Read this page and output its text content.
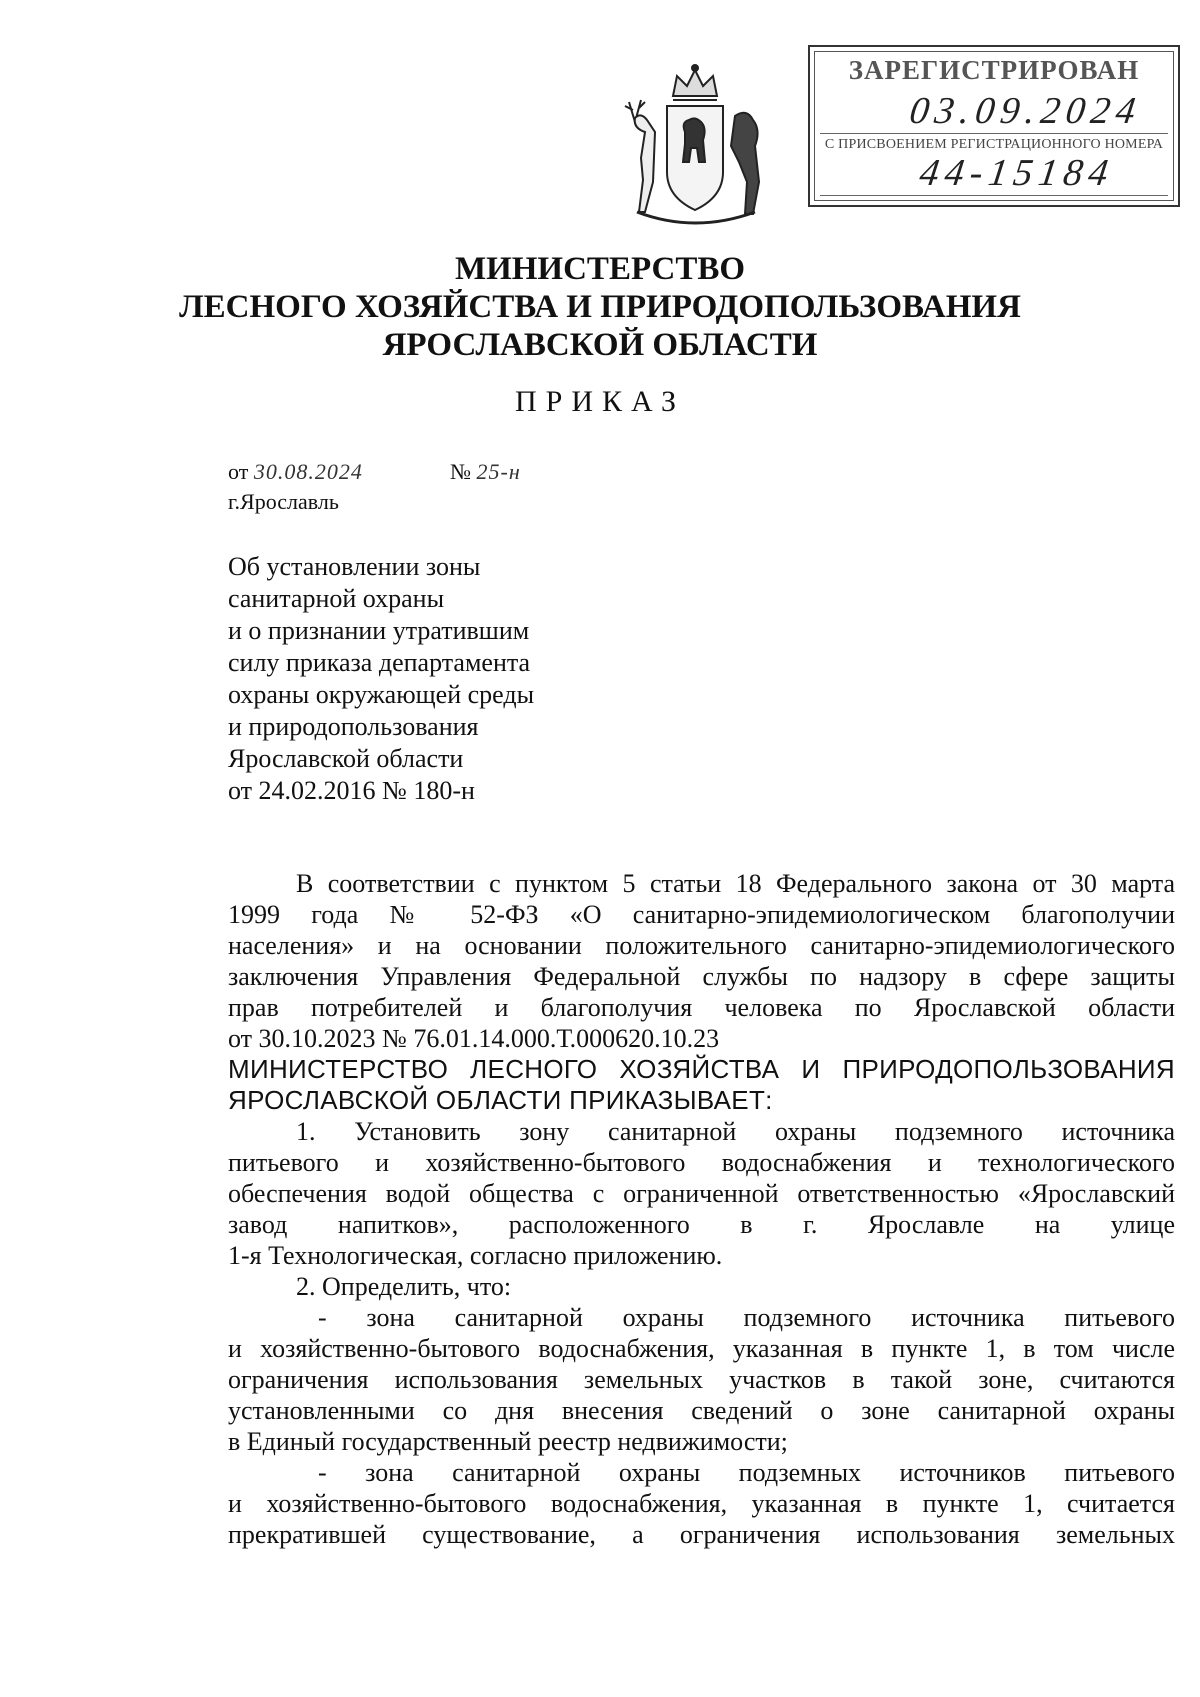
ЗАРЕГИСТРИРОВАН
03.09.2024
С ПРИСВОЕНИЕМ РЕГИСТРАЦИОННОГО НОМЕРА
44-15184
МИНИСТЕРСТВО
ЛЕСНОГО ХОЗЯЙСТВА И ПРИРОДОПОЛЬЗОВАНИЯ
ЯРОСЛАВСКОЙ ОБЛАСТИ
ПРИКАЗ
от 30.08.2024	№ 25-н
г.Ярославль
Об установлении зоны
санитарной охраны
и о признании утратившим
силу приказа департамента
охраны окружающей среды
и природопользования
Ярославской области
от 24.02.2016 № 180-н
В соответствии с пунктом 5 статьи 18 Федерального закона от 30 марта
1999 года № 52-ФЗ «О санитарно-эпидемиологическом благополучии
населения» и на основании положительного санитарно-эпидемиологического
заключения Управления Федеральной службы по надзору в сфере защиты
прав потребителей и благополучия человека по Ярославской области
от 30.10.2023 № 76.01.14.000.Т.000620.10.23
МИНИСТЕРСТВО ЛЕСНОГО ХОЗЯЙСТВА И ПРИРОДОПОЛЬЗОВАНИЯ
ЯРОСЛАВСКОЙ ОБЛАСТИ ПРИКАЗЫВАЕТ:
1. Установить зону санитарной охраны подземного источника
питьевого и хозяйственно-бытового водоснабжения и технологического
обеспечения водой общества с ограниченной ответственностью «Ярославский
завод напитков», расположенного в г. Ярославле на улице
1-я Технологическая, согласно приложению.
2. Определить, что:
- зона санитарной охраны подземного источника питьевого
и хозяйственно-бытового водоснабжения, указанная в пункте 1, в том числе
ограничения использования земельных участков в такой зоне, считаются
установленными со дня внесения сведений о зоне санитарной охраны
в Единый государственный реестр недвижимости;
- зона санитарной охраны подземных источников питьевого
и хозяйственно-бытового водоснабжения, указанная в пункте 1, считается
прекратившей существование, а ограничения использования земельных
